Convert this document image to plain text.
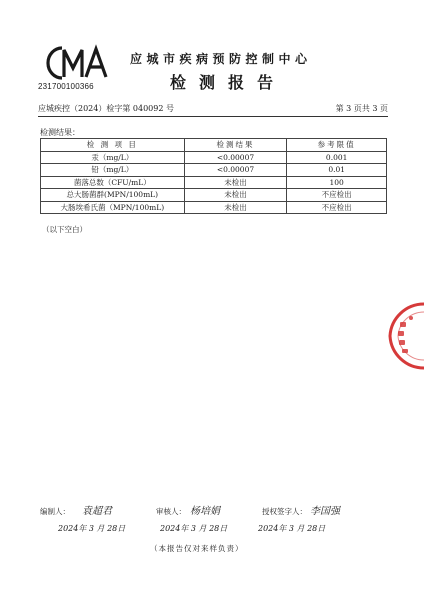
231700100366
应城市疾病预防控制中心
检测报告
应城疾控（2024）检字第 040092 号	第 3 页共 3 页
检测结果：
检 测 项 目	检测结果	参考限值
汞（mg/L）	<0.00007	0.001
铅（mg/L）	<0.00007	0.01
菌落总数（CFU/mL）	未检出	100
总大肠菌群(MPN/100mL)	未检出	不应检出
大肠埃希氏菌（MPN/100mL)	未检出	不应检出
（以下空白）
编制人： 袁超君	审核人： 杨培娟	授权签字人： 李国强
2024年 3 月 28日	2024年 3 月 28日	2024年 3 月 28日
（本报告仅对来样负责）
